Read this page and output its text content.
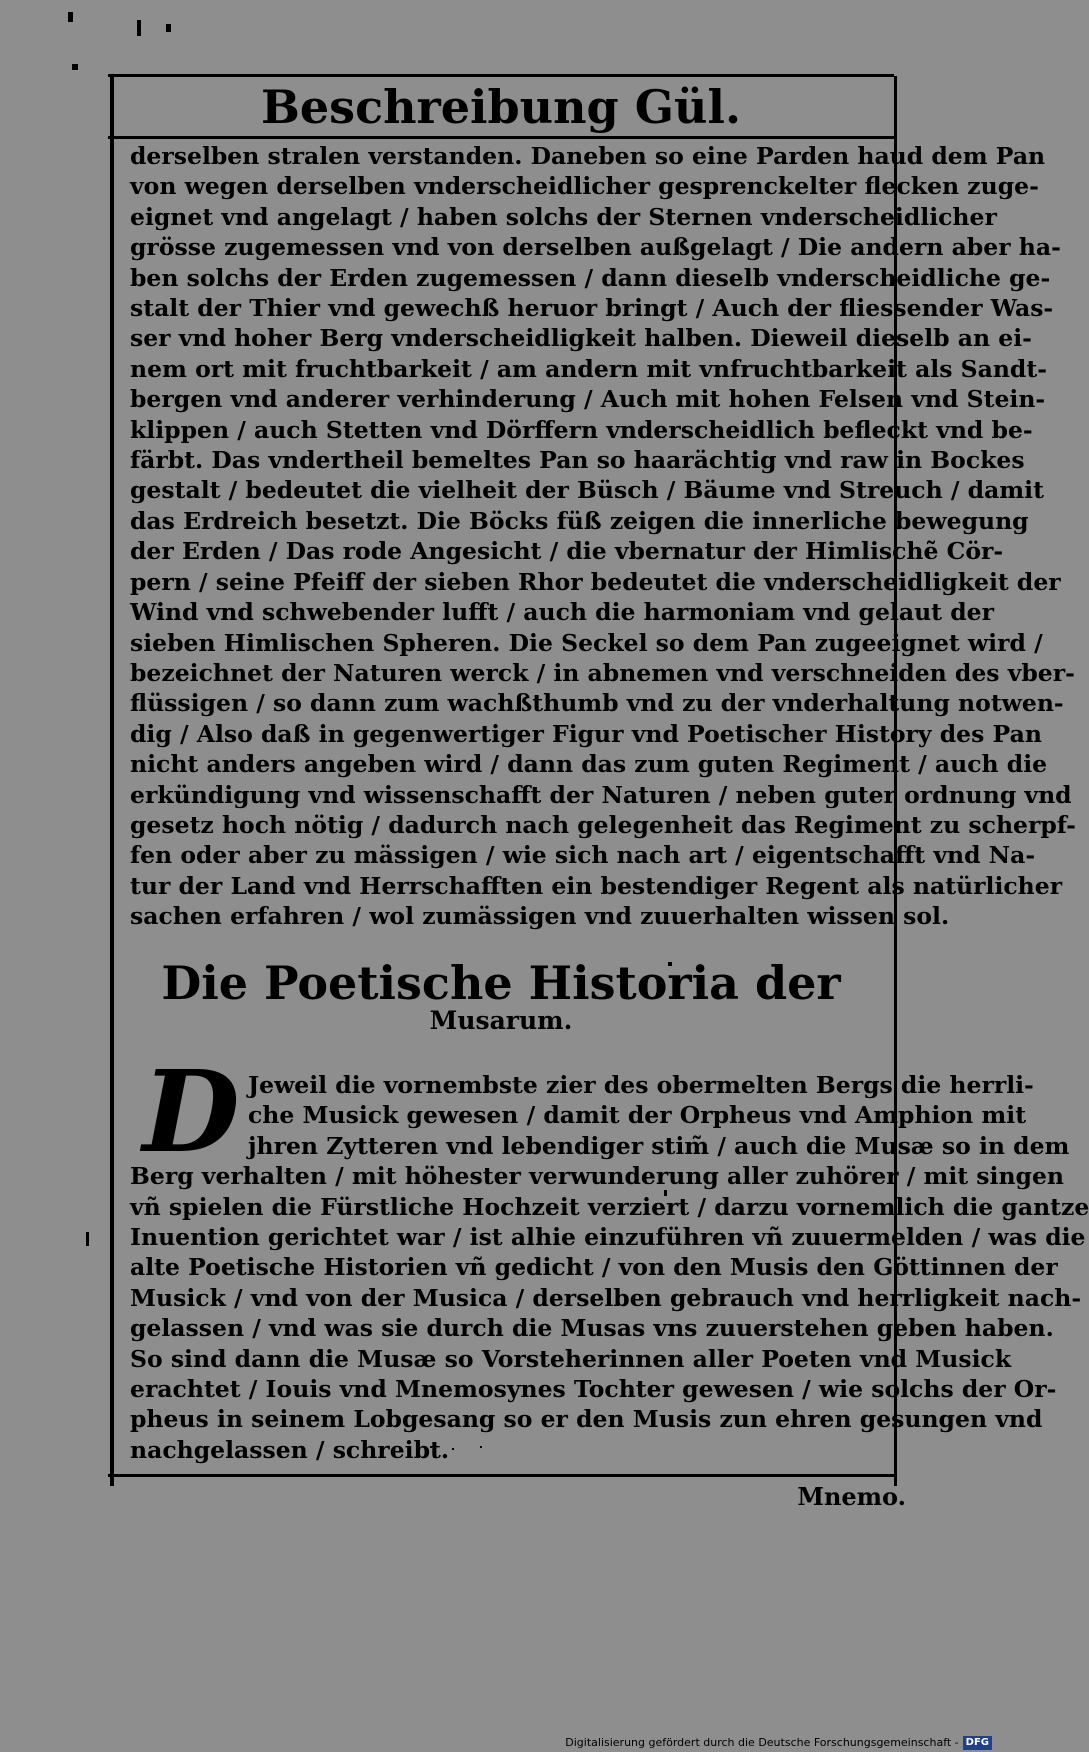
Beschreibung Gül.
derselben stralen verstanden. Daneben so eine Parden haud dem Pan
von wegen derselben vnderscheidlicher gesprenckelter flecken zuge-
eignet vnd angelagt / haben solchs der Sternen vnderscheidlicher
grösse zugemessen vnd von derselben außgelagt / Die andern aber ha-
ben solchs der Erden zugemessen / dann dieselb vnderscheidliche ge-
stalt der Thier vnd gewechß heruor bringt / Auch der fliessender Was-
ser vnd hoher Berg vnderscheidligkeit halben. Dieweil dieselb an ei-
nem ort mit fruchtbarkeit / am andern mit vnfruchtbarkeit als Sandt-
bergen vnd anderer verhinderung / Auch mit hohen Felsen vnd Stein-
klippen / auch Stetten vnd Dörffern vnderscheidlich befleckt vnd be-
färbt. Das vndertheil bemeltes Pan so haarächtig vnd raw in Bockes
gestalt / bedeutet die vielheit der Büsch / Bäume vnd Streuch / damit
das Erdreich besetzt. Die Böcks füß zeigen die innerliche bewegung
der Erden / Das rode Angesicht / die vbernatur der Himlischẽ Cör-
pern / seine Pfeiff der sieben Rhor bedeutet die vnderscheidligkeit der
Wind vnd schwebender lufft / auch die harmoniam vnd gelaut der
sieben Himlischen Spheren. Die Seckel so dem Pan zugeeignet wird /
bezeichnet der Naturen werck / in abnemen vnd verschneiden des vber-
flüssigen / so dann zum wachßthumb vnd zu der vnderhaltung notwen-
dig / Also daß in gegenwertiger Figur vnd Poetischer History des Pan
nicht anders angeben wird / dann das zum guten Regiment / auch die
erkündigung vnd wissenschafft der Naturen / neben guter ordnung vnd
gesetz hoch nötig / dadurch nach gelegenheit das Regiment zu scherpf-
fen oder aber zu mässigen / wie sich nach art / eigentschafft vnd Na-
tur der Land vnd Herrschafften ein bestendiger Regent als natürlicher
sachen erfahren / wol zumässigen vnd zuuerhalten wissen sol.
Die Poetische Historia der
Musarum.
D Jeweil die vornembste zier des obermelten Bergs die herrli-
che Musick gewesen / damit der Orpheus vnd Amphion mit
jhren Zytteren vnd lebendiger stim̃ / auch die Musæ so in dem
Berg verhalten / mit höhester verwunderung aller zuhörer / mit singen
vñ spielen die Fürstliche Hochzeit verziert / darzu vornemlich die gantze
Inuention gerichtet war / ist alhie einzuführen vñ zuuermelden / was die
alte Poetische Historien vñ gedicht / von den Musis den Göttinnen der
Musick / vnd von der Musica / derselben gebrauch vnd herrligkeit nach-
gelassen / vnd was sie durch die Musas vns zuuerstehen geben haben.
So sind dann die Musæ so Vorsteherinnen aller Poeten vnd Musick
erachtet / Iouis vnd Mnemosynes Tochter gewesen / wie solchs der Or-
pheus in seinem Lobgesang so er den Musis zun ehren gesungen vnd
nachgelassen / schreibt.
Mnemo.
Digitalisierung gefördert durch die Deutsche Forschungsgemeinschaft - DFG
